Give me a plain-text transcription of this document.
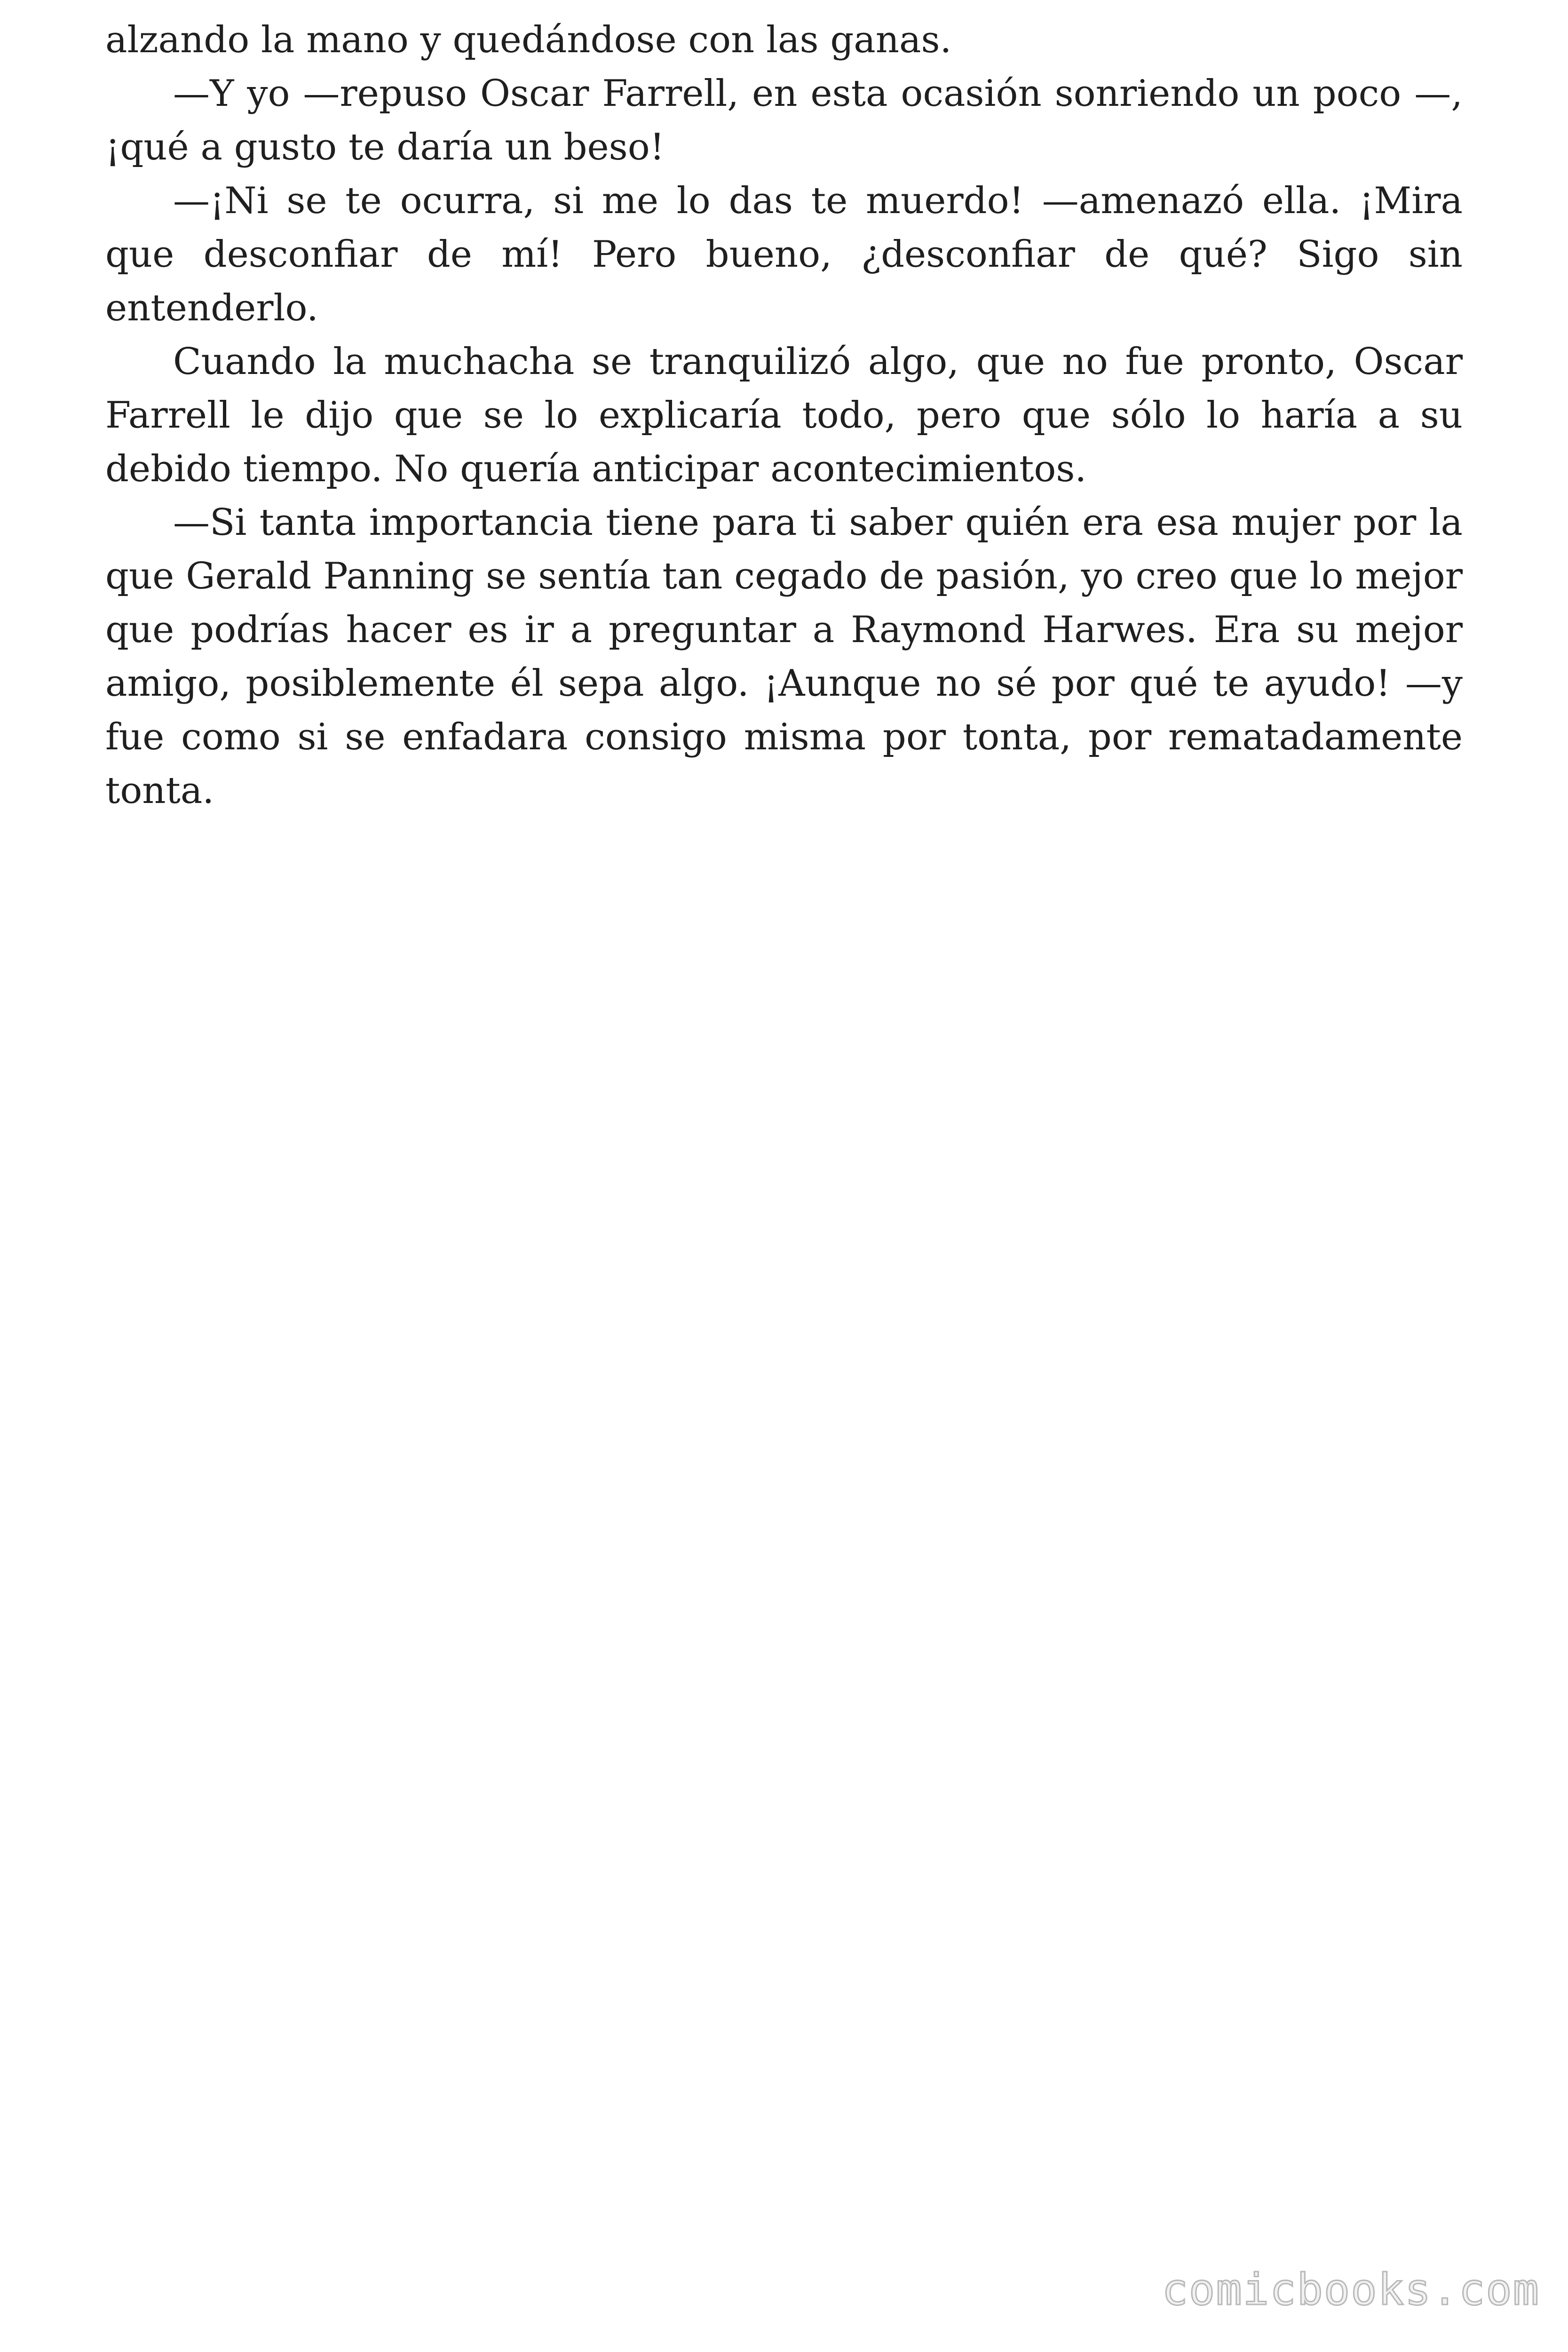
alzando la mano y quedándose con las ganas.

—Y yo —repuso Oscar Farrell, en esta ocasión sonriendo un poco —, ¡qué a gusto te daría un beso!

—¡Ni se te ocurra, si me lo das te muerdo! —amenazó ella. ¡Mira que desconfiar de mí! Pero bueno, ¿desconfiar de qué? Sigo sin entenderlo.

Cuando la muchacha se tranquilizó algo, que no fue pronto, Oscar Farrell le dijo que se lo explicaría todo, pero que sólo lo haría a su debido tiempo. No quería anticipar acontecimientos.

—Si tanta importancia tiene para ti saber quién era esa mujer por la que Gerald Panning se sentía tan cegado de pasión, yo creo que lo mejor que podrías hacer es ir a preguntar a Raymond Harwes. Era su mejor amigo, posiblemente él sepa algo. ¡Aunque no sé por qué te ayudo! —y fue como si se enfadara consigo misma por tonta, por rematadamente tonta.

comicbooks.com
